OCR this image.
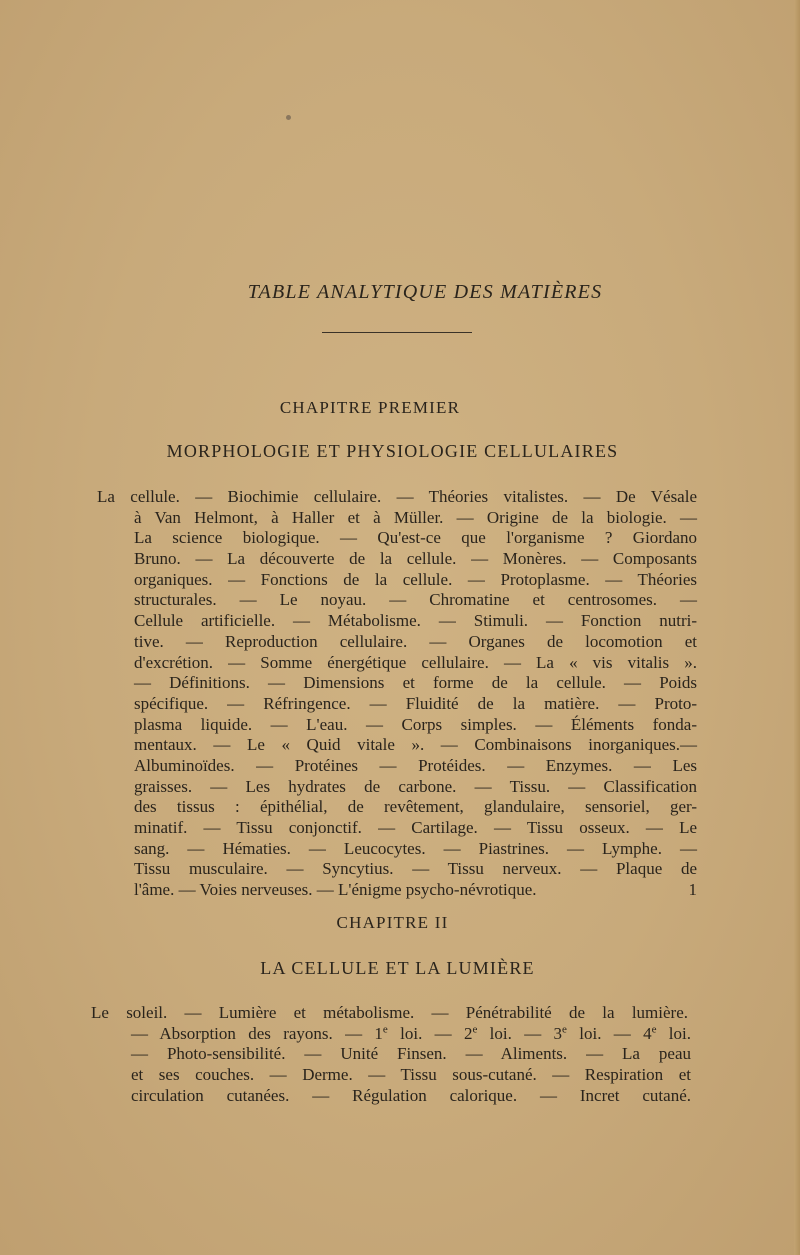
TABLE ANALYTIQUE DES MATIÈRES
CHAPITRE PREMIER
MORPHOLOGIE ET PHYSIOLOGIE CELLULAIRES
La cellule. — Biochimie cellulaire. — Théories vitalistes. — De Vésale
à Van Helmont, à Haller et à Müller. — Origine de la biologie. —
La science biologique. — Qu'est-ce que l'organisme ? Giordano
Bruno. — La découverte de la cellule. — Monères. — Composants
organiques. — Fonctions de la cellule. — Protoplasme. — Théories
structurales. — Le noyau. — Chromatine et centrosomes. —
Cellule artificielle. — Métabolisme. — Stimuli. — Fonction nutri-
tive. — Reproduction cellulaire. — Organes de locomotion et
d'excrétion. — Somme énergétique cellulaire. — La « vis vitalis ».
— Définitions. — Dimensions et forme de la cellule. — Poids
spécifique. — Réfringence. — Fluidité de la matière. — Proto-
plasma liquide. — L'eau. — Corps simples. — Éléments fonda-
mentaux. — Le « Quid vitale ». — Combinaisons inorganiques.—
Albuminoïdes. — Protéines — Protéides. — Enzymes. — Les
graisses. — Les hydrates de carbone. — Tissu. — Classification
des tissus : épithélial, de revêtement, glandulaire, sensoriel, ger-
minatif. — Tissu conjonctif. — Cartilage. — Tissu osseux. — Le
sang. — Hématies. — Leucocytes. — Piastrines. — Lymphe. —
Tissu musculaire. — Syncytius. — Tissu nerveux. — Plaque de
l'âme. — Voies nerveuses. — L'énigme psycho-névrotique.	1
CHAPITRE II
LA CELLULE ET LA LUMIÈRE
Le soleil. — Lumière et métabolisme. — Pénétrabilité de la lumière.
— Absorption des rayons. — 1e loi. — 2e loi. — 3e loi. — 4e loi.
— Photo-sensibilité. — Unité Finsen. — Aliments. — La peau
et ses couches. — Derme. — Tissu sous-cutané. — Respiration et
circulation cutanées. — Régulation calorique. — Incret cutané.
